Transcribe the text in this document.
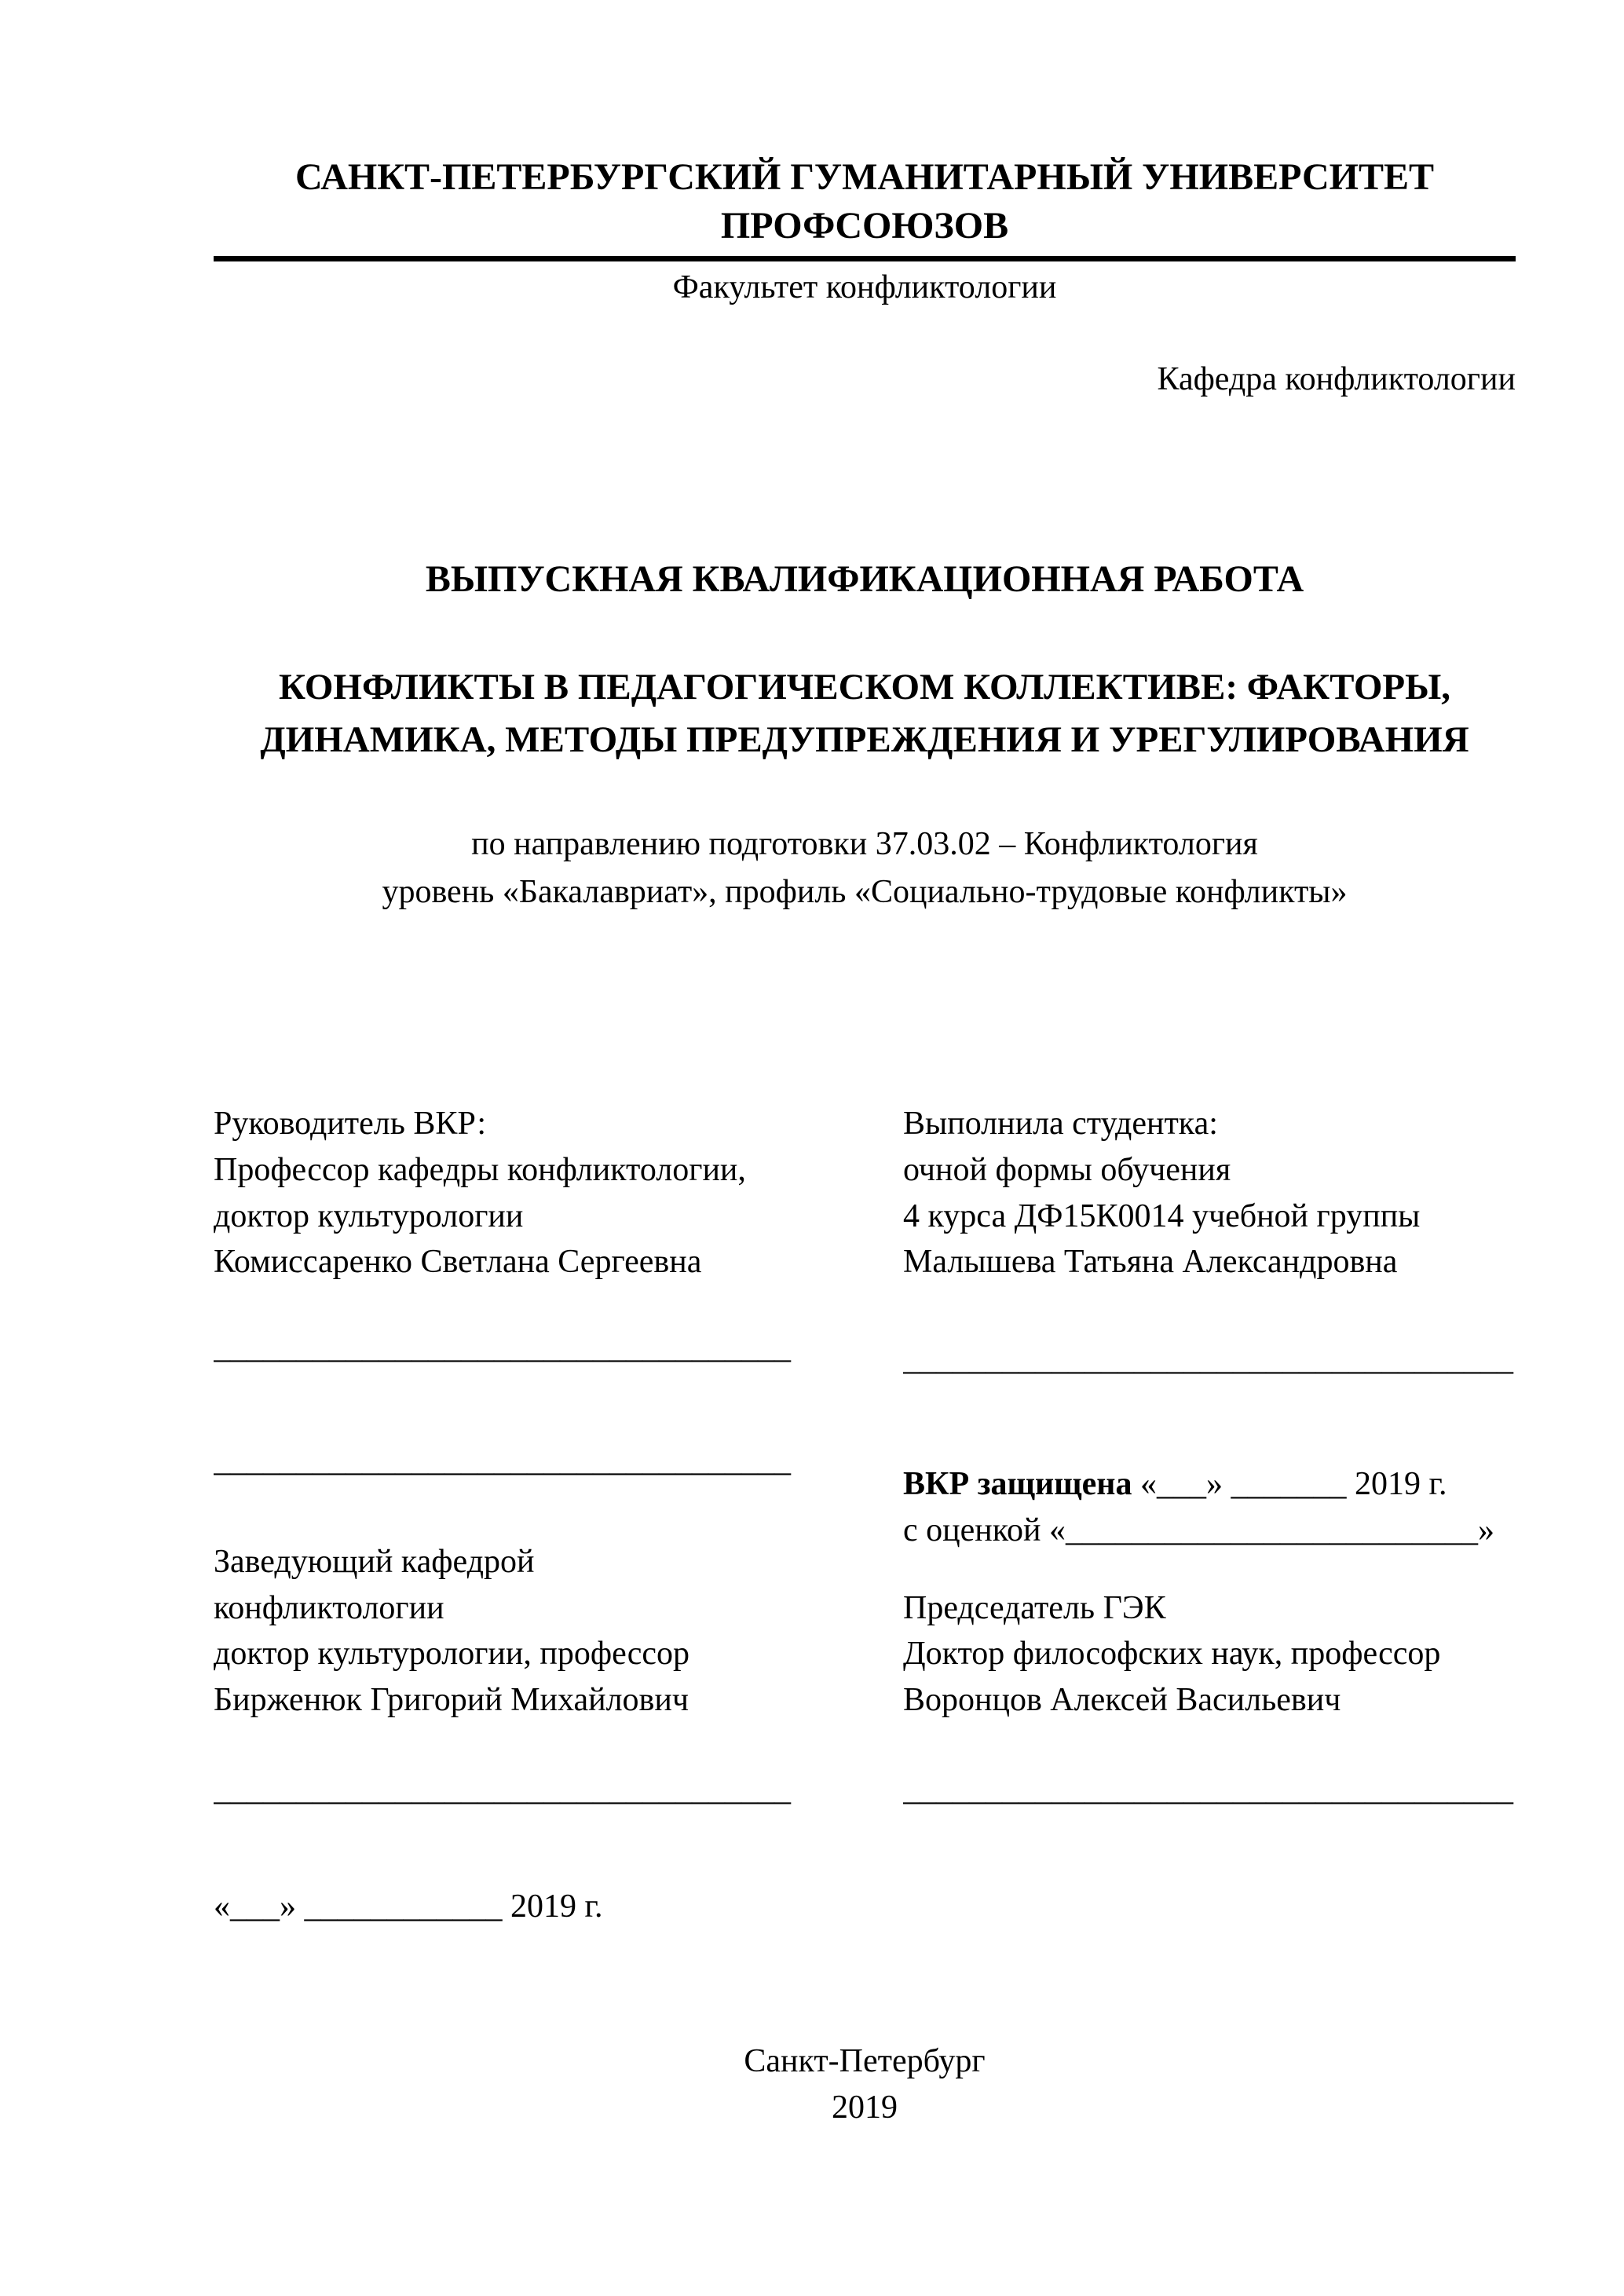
САНКТ-ПЕТЕРБУРГСКИЙ ГУМАНИТАРНЫЙ УНИВЕРСИТЕТ
ПРОФСОЮЗОВ
Факультет конфликтологии
Кафедра конфликтологии
ВЫПУСКНАЯ КВАЛИФИКАЦИОННАЯ РАБОТА
КОНФЛИКТЫ В ПЕДАГОГИЧЕСКОМ КОЛЛЕКТИВЕ: ФАКТОРЫ,
ДИНАМИКА, МЕТОДЫ ПРЕДУПРЕЖДЕНИЯ И УРЕГУЛИРОВАНИЯ
по направлению подготовки 37.03.02 – Конфликтология
уровень «Бакалавриат», профиль «Социально-трудовые конфликты»
Руководитель ВКР:
Профессор кафедры конфликтологии,
доктор культурологии
Комиссаренко Светлана Сергеевна
___________________________________
___________________________________
Заведующий кафедрой
конфликтологии
доктор культурологии, профессор
Бирженюк Григорий Михайлович
___________________________________
«___» ____________ 2019 г.
Выполнила студентка:
очной формы обучения
4 курса ДФ15К0014 учебной группы
Малышева Татьяна Александровна
_____________________________________
ВКР защищена «___» _______ 2019 г.
с оценкой «_________________________»
Председатель ГЭК
Доктор философских наук, профессор
Воронцов Алексей Васильевич
_____________________________________
Санкт-Петербург
2019
